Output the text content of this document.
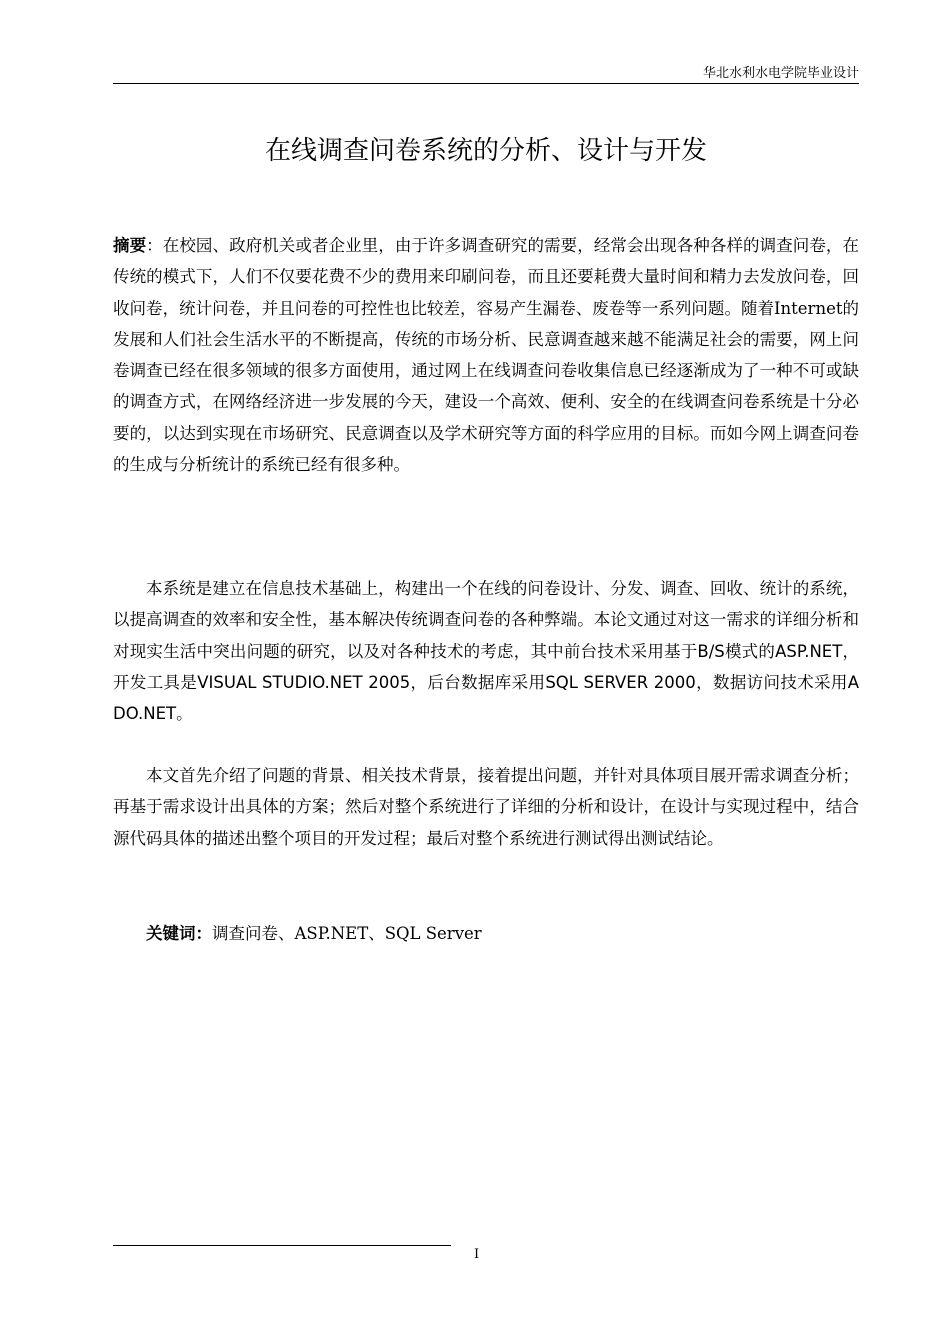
华北水利水电学院毕业设计
在线调查问卷系统的分析、设计与开发
摘要：在校园、政府机关或者企业里，由于许多调查研究的需要，经常会出现各种各样的调查问卷，在传统的模式下，人们不仅要花费不少的费用来印刷问卷，而且还要耗费大量时间和精力去发放问卷，回收问卷，统计问卷，并且问卷的可控性也比较差，容易产生漏卷、废卷等一系列问题。随着Internet的发展和人们社会生活水平的不断提高，传统的市场分析、民意调查越来越不能满足社会的需要，网上问卷调查已经在很多领域的很多方面使用，通过网上在线调查问卷收集信息已经逐渐成为了一种不可或缺的调查方式，在网络经济进一步发展的今天，建设一个高效、便利、安全的在线调查问卷系统是十分必要的，以达到实现在市场研究、民意调查以及学术研究等方面的科学应用的目标。而如今网上调查问卷的生成与分析统计的系统已经有很多种。
本系统是建立在信息技术基础上，构建出一个在线的问卷设计、分发、调查、回收、统计的系统，以提高调查的效率和安全性，基本解决传统调查问卷的各种弊端。本论文通过对这一需求的详细分析和对现实生活中突出问题的研究，以及对各种技术的考虑，其中前台技术采用基于B/S模式的ASP.NET，开发工具是VISUAL STUDIO.NET 2005，后台数据库采用SQL SERVER 2000，数据访问技术采用ADO.NET。
本文首先介绍了问题的背景、相关技术背景，接着提出问题，并针对具体项目展开需求调查分析；再基于需求设计出具体的方案；然后对整个系统进行了详细的分析和设计，在设计与实现过程中，结合源代码具体的描述出整个项目的开发过程；最后对整个系统进行测试得出测试结论。
关键词：调查问卷、ASP.NET、SQL Server
I
